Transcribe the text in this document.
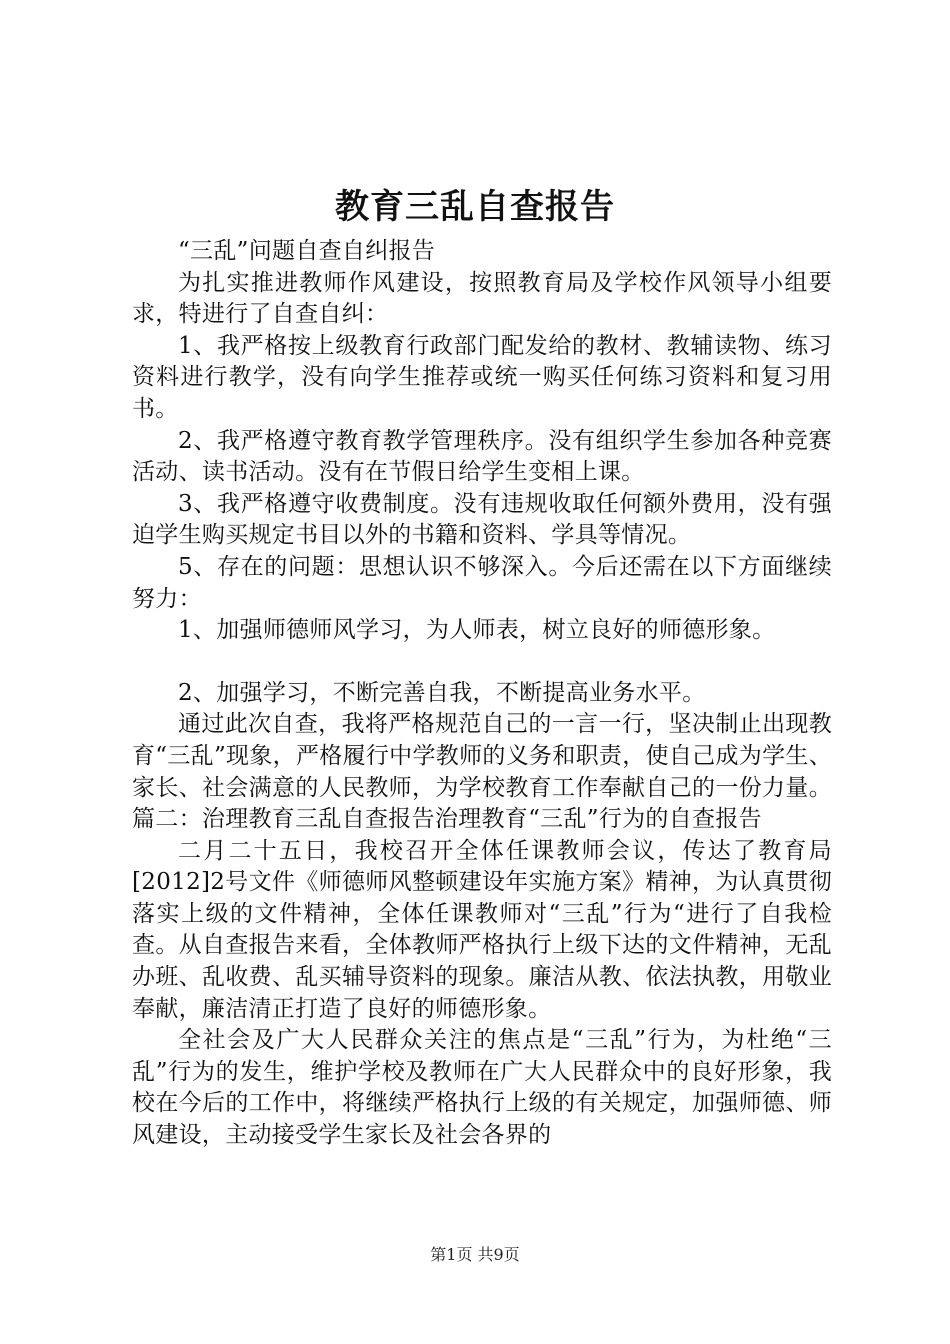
教育三乱自查报告

“三乱”问题自查自纠报告

为扎实推进教师作风建设，按照教育局及学校作风领导小组要求，特进行了自查自纠：

1、我严格按上级教育行政部门配发给的教材、教辅读物、练习资料进行教学，没有向学生推荐或统一购买任何练习资料和复习用书。

2、我严格遵守教育教学管理秩序。没有组织学生参加各种竞赛活动、读书活动。没有在节假日给学生变相上课。

3、我严格遵守收费制度。没有违规收取任何额外费用，没有强迫学生购买规定书目以外的书籍和资料、学具等情况。

5、存在的问题：思想认识不够深入。今后还需在以下方面继续努力：

1、加强师德师风学习，为人师表，树立良好的师德形象。

2、加强学习，不断完善自我，不断提高业务水平。

通过此次自查，我将严格规范自己的一言一行，坚决制止出现教育“三乱”现象，严格履行中学教师的义务和职责，使自己成为学生、家长、社会满意的人民教师，为学校教育工作奉献自己的一份力量。篇二：治理教育三乱自查报告治理教育“三乱”行为的自查报告

二月二十五日，我校召开全体任课教师会议，传达了教育局[2012]2号文件《师德师风整顿建设年实施方案》精神，为认真贯彻落实上级的文件精神，全体任课教师对“三乱”行为“进行了自我检查。从自查报告来看，全体教师严格执行上级下达的文件精神，无乱办班、乱收费、乱买辅导资料的现象。廉洁从教、依法执教，用敬业奉献，廉洁清正打造了良好的师德形象。

全社会及广大人民群众关注的焦点是“三乱”行为，为杜绝“三乱”行为的发生，维护学校及教师在广大人民群众中的良好形象，我校在今后的工作中，将继续严格执行上级的有关规定，加强师德、师风建设，主动接受学生家长及社会各界的

第1页 共9页
